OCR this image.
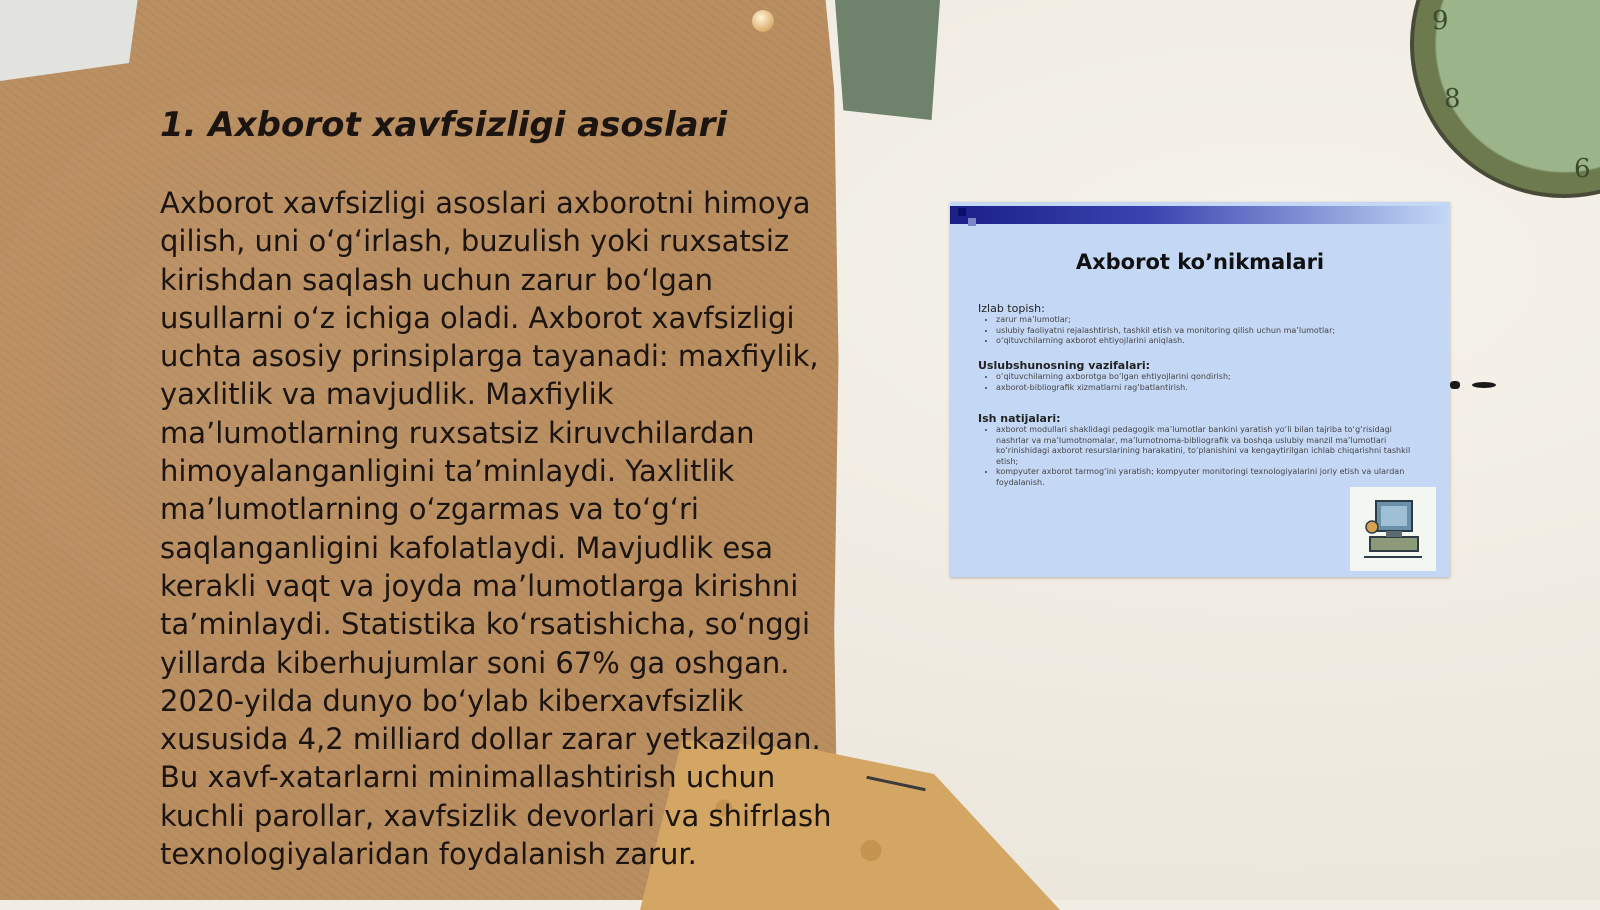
9
8
6
1. Axborot xavfsizligi asoslari
Axborot xavfsizligi asoslari axborotni himoya qilish, uni o‘g‘irlash, buzulish yoki ruxsatsiz kirishdan saqlash uchun zarur bo‘lgan usullarni o‘z ichiga oladi. Axborot xavfsizligi uchta asosiy prinsiplarga tayanadi: maxfiylik, yaxlitlik va mavjudlik. Maxfiylik ma’lumotlarning ruxsatsiz kiruvchilardan himoyalanganligini ta’minlaydi. Yaxlitlik ma’lumotlarning o‘zgarmas va to‘g‘ri saqlanganligini kafolatlaydi. Mavjudlik esa kerakli vaqt va joyda ma’lumotlarga kirishni ta’minlaydi. Statistika ko‘rsatishicha, so‘nggi yillarda kiberhujumlar soni 67% ga oshgan. 2020-yilda dunyo bo‘ylab kiberxavfsizlik xususida 4,2 milliard dollar zarar yetkazilgan. Bu xavf-xatarlarni minimallashtirish uchun kuchli parollar, xavfsizlik devorlari va shifrlash texnologiyalaridan foydalanish zarur.
Axborot ko’nikmalari
Izlab topish:
• zarur ma’lumotlar;
• uslubiy faoliyatni rejalashtirish, tashkil etish va monitoring qilish uchun ma’lumotlar;
• o‘qituvchilarning axborot ehtiyojlarini aniqlash.
Uslubshunosning vazifalari:
• o‘qituvchilarning axborotga bo‘lgan ehtiyojlarini qondirish;
• axborot-bibliografik xizmatlarni rag‘batlantirish.
Ish natijalari:
• axborot modullari shaklidagi pedagogik ma’lumotlar bankini yaratish yo‘li bilan tajriba to‘g‘risidagi nashrlar va ma’lumotnomalar, ma’lumotnoma-bibliografik va boshqa uslubiy manzil ma’lumotlari ko‘rinishidagi axborot resurslarining harakatini, to‘planishini va kengaytirilgan ichlab chiqarishni tashkil etish;
• kompyuter axborot tarmog‘ini yaratish; kompyuter monitoringi texnologiyalarini joriy etish va ulardan foydalanish.
